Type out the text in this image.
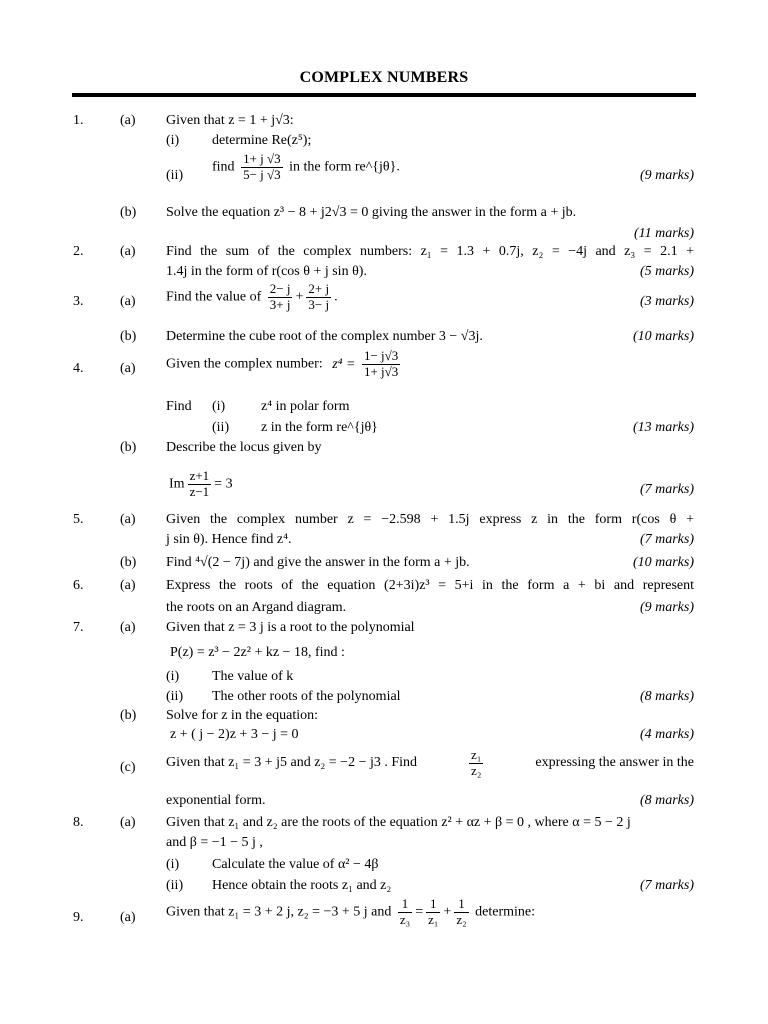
COMPLEX NUMBERS
1.	(a) Given that z = 1 + j√3:
(i) determine Re(z⁵);
(ii)
find $\frac{1+ j √3}{5- j √3}$ in the form re^{jθ}.
(9 marks)
(b) Solve the equation z³ − 8 + j2√3 = 0 giving the answer in the form a + jb.
(11 marks)
2.	(a) Find the sum of the complex numbers: z₁ = 1.3 + 0.7j, z₂ = −4j and z₃ = 2.1 +
1.4j in the form of r(cos θ + j sin θ).	(5 marks)
3.	(a) Find the value of $\frac{2- j}{3+ j} + \frac{2+ j}{3- j}$ .	(3 marks)
(b) Determine the cube root of the complex number 3 − √3j.	(10 marks)
4.	(a) Given the complex number: $z^4 = \frac{1- j√3}{1+ j√3}$
Find (i)	z⁴ in polar form
(ii) z in the form re^{jθ}	(13 marks)
(b) Describe the locus given by
Im $\frac{z+1}{z-1} = 3$	(7 marks)
5.	(a) Given the complex number z = −2.598 + 1.5j express z in the form r(cos θ +
j sin θ). Hence find z⁴.	(7 marks)
(b) Find ⁴√(2 − 7j) and give the answer in the form a + jb.	(10 marks)
6.	(a) Express the roots of the equation (2+3i)z³ = 5+i in the form a + bi and represent
the roots on an Argand diagram.	(9 marks)
7.	(a) Given that z = 3 j is a root to the polynomial
P(z) = z³ − 2z² + kz − 18, find :
(i) The value of k
(ii) The other roots of the polynomial	(8 marks)
(b) Solve for z in the equation:
z + ( j − 2)z + 3 − j = 0	(4 marks)
(c) Given that z₁ = 3 + j5 and z₂ = −2 − j3 . Find	$\frac{\text{z₁}}{\text{z₂}}$	expressing the answer in the
exponential form.	(8 marks)
8.	(a) Given that z₁ and z₂ are the roots of the equation z² + αz + β = 0 , where α = 5 − 2 j
and β = −1 − 5 j ,
(i) Calculate the value of α² − 4β
(ii) Hence obtain the roots z₁ and z₂	(7 marks)
9.	(a) Given that z₁ = 3 + 2 j, z₂ = −3 + 5 j and $\frac{1}{\text{z₃}} = \frac{1}{\text{z₁}} + \frac{1}{\text{z₂}}$ determine:
